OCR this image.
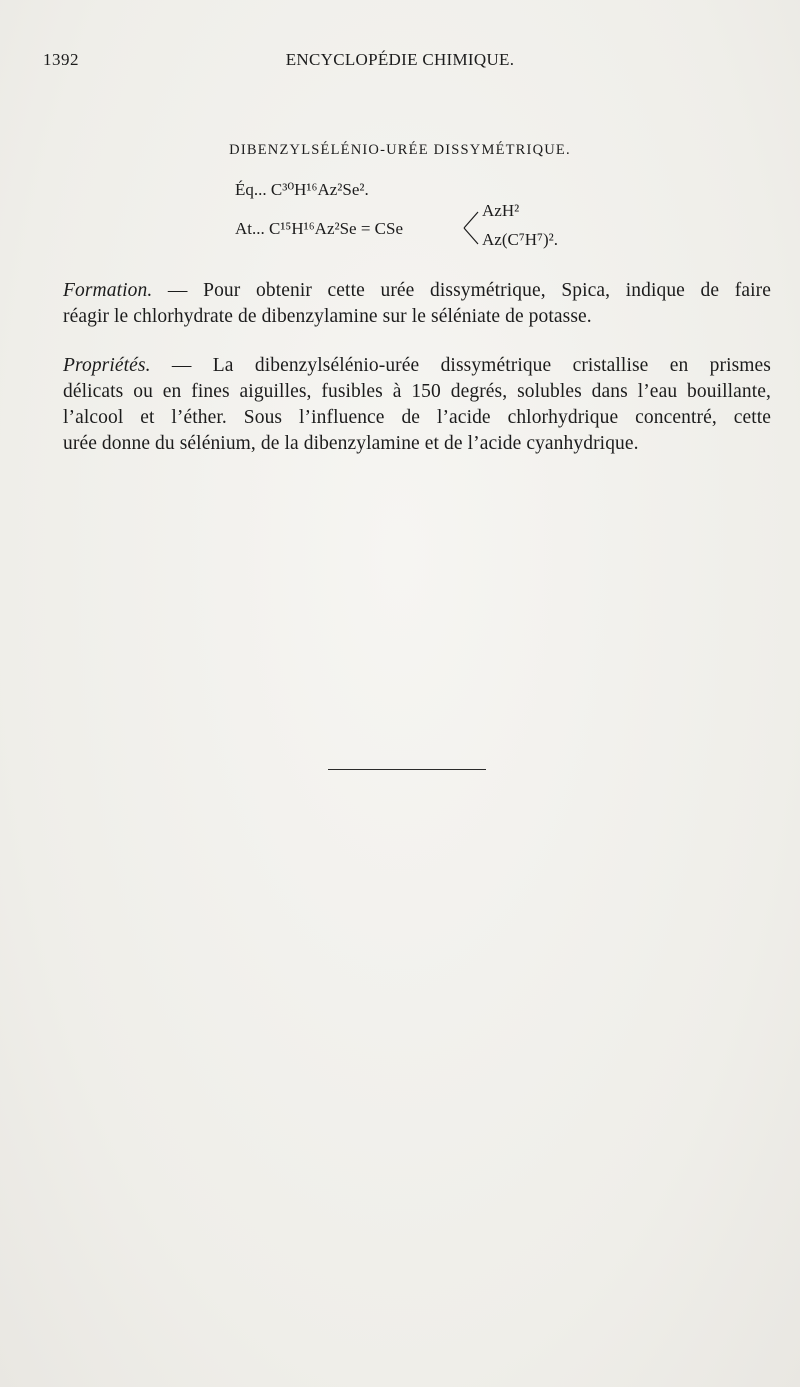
1392	ENCYCLOPÉDIE CHIMIQUE.
DIBENZYLSÉLÉNIO-URÉE DISSYMÉTRIQUE.
Éq... C³⁰H¹⁶Az²Se².
At... C¹⁵H¹⁶Az²Se = CSe
AzH²
Az(C⁷H⁷)².
Formation. — Pour obtenir cette urée dissymétrique, Spica, indique de faire
réagir le chlorhydrate de dibenzylamine sur le séléniate de potasse.
Propriétés. — La dibenzylsélénio-urée dissymétrique cristallise en prismes
délicats ou en fines aiguilles, fusibles à 150 degrés, solubles dans l’eau bouillante,
l’alcool et l’éther. Sous l’influence de l’acide chlorhydrique concentré, cette
urée donne du sélénium, de la dibenzylamine et de l’acide cyanhydrique.
